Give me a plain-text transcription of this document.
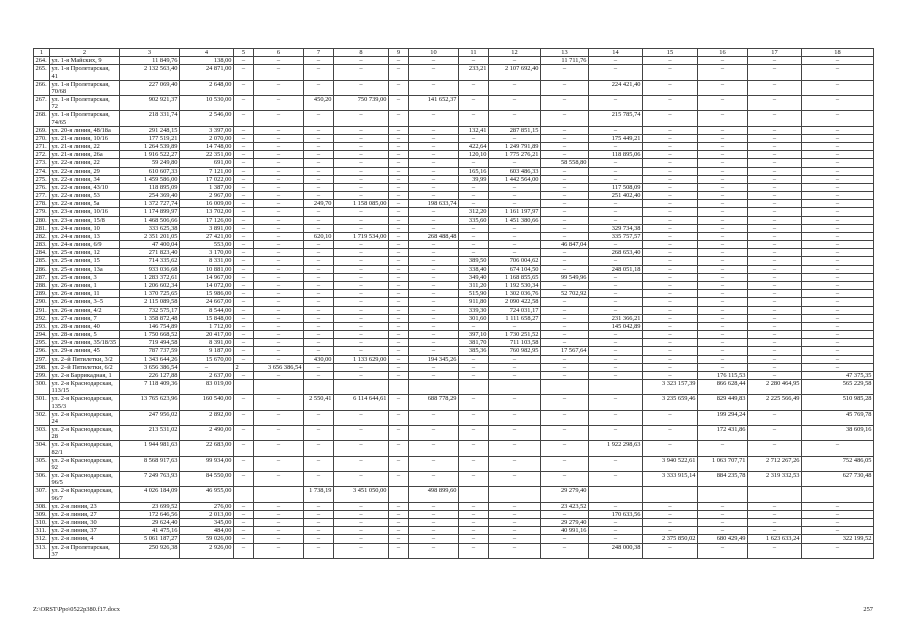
1	2	3	4	5	6	7	8	9	10	11	12	13	14	15	16	17	18
264.	ул. 1-я Майских, 9	11 849,76	138,00	–	–	–	–	–	–	–	–	11 711,76	–	–	–	–	–
265.	ул. 1-я Пролетарская, 41	2 132 563,40	24 871,00	–	–	–	–	–	–	233,21	2 107 692,40	–	–	–	–	–	–
266.	ул. 1-я Пролетарская, 70/68	227 069,40	2 648,00	–	–	–	–	–	–	–	–	–	224 421,40	–	–	–	–
267.	ул. 1-я Пролетарская, 72	902 921,37	10 530,00	–	–	450,20	750 739,00	–	141 652,37	–	–	–	–	–	–	–	–
268.	ул. 1-я Пролетарская, 74/65	218 331,74	2 546,00	–	–	–	–	–	–	–	–	–	215 785,74	–	–	–	–
269.	ул. 20-я линия, 48/18а	291 248,15	3 397,00	–	–	–	–	–	–	132,41	287 851,15	–	–	–	–	–	–
270.	ул. 21-я линия, 10/16	177 519,21	2 070,00	–	–	–	–	–	–	–	–	–	175 449,21	–	–	–	–
271.	ул. 21-я линия, 22	1 264 539,89	14 748,00	–	–	–	–	–	–	422,64	1 249 791,89	–	–	–	–	–	–
272.	ул. 21-я линия, 26а	1 916 522,27	22 351,00	–	–	–	–	–	–	120,10	1 775 276,21	–	118 895,06	–	–	–	–
273.	ул. 22-я линия, 22	59 249,80	691,00	–	–	–	–	–	–	–	–	58 558,80	–	–	–	–	–
274.	ул. 22-я линия, 29	610 607,33	7 121,00	–	–	–	–	–	–	165,16	603 486,33	–	–	–	–	–	–
275.	ул. 22-я линия, 34	1 459 586,00	17 022,00	–	–	–	–	–	–	39,99	1 442 564,00	–	–	–	–	–	–
276.	ул. 22-я линия, 43/10	118 895,09	1 387,00	–	–	–	–	–	–	–	–	–	117 508,09	–	–	–	–
277.	ул. 22-я линия, 53	254 369,40	2 967,00	–	–	–	–	–	–	–	–	–	251 402,40	–	–	–	–
278.	ул. 22-я линия, 5а	1 372 727,74	16 009,00	–	–	249,70	1 158 085,00	–	198 633,74	–	–	–	–	–	–	–	–
279.	ул. 23-я линия, 10/16	1 174 899,97	13 702,00	–	–	–	–	–	–	312,20	1 161 197,97	–	–	–	–	–	–
280.	ул. 23-я линия, 15/8	1 468 506,66	17 126,00	–	–	–	–	–	–	335,60	1 451 380,66	–	–	–	–	–	–
281.	ул. 24-я линия, 10	333 625,38	3 891,00	–	–	–	–	–	–	–	–	–	329 734,38	–	–	–	–
282.	ул. 24-я линия, 13	2 351 201,05	27 421,00	–	–	620,10	1 719 534,00	–	268 488,48	–	–	–	335 757,57	–	–	–	–
283.	ул. 24-я линия, 6/9	47 400,04	553,00	–	–	–	–	–	–	–	–	46 847,04	–	–	–	–	–
284.	ул. 25-я линия, 12	271 823,40	3 170,00	–	–	–	–	–	–	–	–	–	268 653,40	–	–	–	–
285.	ул. 25-я линия, 15	714 335,62	8 331,00	–	–	–	–	–	–	389,50	706 004,62	–	–	–	–	–	–
286.	ул. 25-я линия, 13а	933 036,68	10 881,00	–	–	–	–	–	–	338,40	674 104,50	–	248 051,18	–	–	–	–
287.	ул. 25-я линия, 3	1 283 372,61	14 967,00	–	–	–	–	–	–	349,40	1 168 855,65	99 549,96	–	–	–	–	–
288.	ул. 26-я линия, 1	1 206 602,34	14 072,00	–	–	–	–	–	–	311,20	1 192 530,34	–	–	–	–	–	–
289.	ул. 26-я линия, 11	1 370 725,65	15 986,00	–	–	–	–	–	–	515,90	1 302 036,76	52 702,92	–	–	–	–	–
290.	ул. 26-я линия, 3–5	2 115 089,58	24 667,00	–	–	–	–	–	–	911,80	2 090 422,58	–	–	–	–	–	–
291.	ул. 26-я линия, 4/2	732 575,17	8 544,00	–	–	–	–	–	–	339,30	724 031,17	–	–	–	–	–	–
292.	ул. 27-я линия, 7	1 358 872,48	15 848,00	–	–	–	–	–	–	301,60	1 111 658,27	–	231 366,21	–	–	–	–
293.	ул. 28-я линия, 40	146 754,89	1 712,00	–	–	–	–	–	–	–	–	–	145 042,89	–	–	–	–
294.	ул. 28-я линия, 5	1 750 668,52	20 417,00	–	–	–	–	–	–	397,10	1 730 251,52	–	–	–	–	–	–
295.	ул. 29-я линия, 35/18/35	719 494,58	8 391,00	–	–	–	–	–	–	381,70	711 103,58	–	–	–	–	–	–
296.	ул. 29-я линия, 45	787 737,59	9 187,00	–	–	–	–	–	–	385,36	760 982,95	17 567,64	–	–	–	–	–
297.	ул. 2–й Пятилетки, 3/2	1 343 644,26	15 670,00	–	–	430,00	1 133 629,00	–	194 345,26	–	–	–	–	–	–	–	–
298.	ул. 2–й Пятилетки, 6/2	3 656 386,54	–	2	3 656 386,54	–	–	–	–	–	–	–	–	–	–	–	–
299.	ул. 2-я Баррикадная, 1	226 127,88	2 637,00	–	–	–	–	–	–	–	–	–	–	–	176 115,53	–	47 375,35
300.	ул. 2-я Краснодарская, 113/15	7 118 409,36	83 019,00											3 323 157,39	866 628,44	2 280 464,95	565 229,58
301.	ул. 2-я Краснодарская, 135/3	13 765 623,96	160 540,00	–	–	2 550,41	6 114 644,61	–	688 778,29	–	–	–	–	3 235 659,46	829 449,83	2 225 566,49	510 985,28
302.	ул. 2-я Краснодарская, 24	247 956,02	2 892,00	–	–	–	–	–	–	–	–	–	–	–	199 294,24	–	45 769,78
303.	ул. 2-я Краснодарская, 28	213 531,02	2 490,00	–	–	–	–	–	–	–	–	–	–	–	172 431,86	–	38 609,16
304.	ул. 2-я Краснодарская, 82/1	1 944 981,63	22 683,00	–	–	–	–	–	–	–	–	–	1 922 298,63	–	–	–	–
305.	ул. 2-я Краснодарская, 92	8 568 917,63	99 934,00	–	–	–	–	–	–	–	–	–	–	3 940 522,61	1 063 707,71	2 712 267,26	752 486,05
306.	ул. 2-я Краснодарская, 96/5	7 249 763,93	84 550,00	–	–	–	–	–	–	–	–	–	–	3 333 915,14	884 235,78	2 319 332,53	627 730,48
307.	ул. 2-я Краснодарская, 96/7	4 026 184,09	46 955,00			1 738,19	3 451 050,00		498 899,60			29 279,40					
308.	ул. 2-я линия, 23	23 699,52	276,00	–	–	–	–	–	–	–	–	23 423,52	–	–	–	–	–
309.	ул. 2-я линия, 27	172 646,56	2 013,00	–	–	–	–	–	–	–	–	–	170 633,56	–	–	–	–
310.	ул. 2-я линия, 30	29 624,40	345,00	–	–	–	–	–	–	–	–	29 279,40	–	–	–	–	–
311.	ул. 2-я линия, 37	41 475,16	484,00	–	–	–	–	–	–	–	–	40 991,16	–	–	–	–	–
312.	ул. 2-я линия, 4	5 061 187,27	59 026,00	–	–	–	–	–	–	–	–	–	–	2 375 850,02	680 429,49	1 623 633,24	322 199,52
313.	ул. 2-я Пролетарская, 37	250 926,38	2 926,00	–	–	–	–	–	–	–	–	–	248 000,38	–	–	–	–
Z:\ORST\Ppo\0522p380.f17.docx	257
